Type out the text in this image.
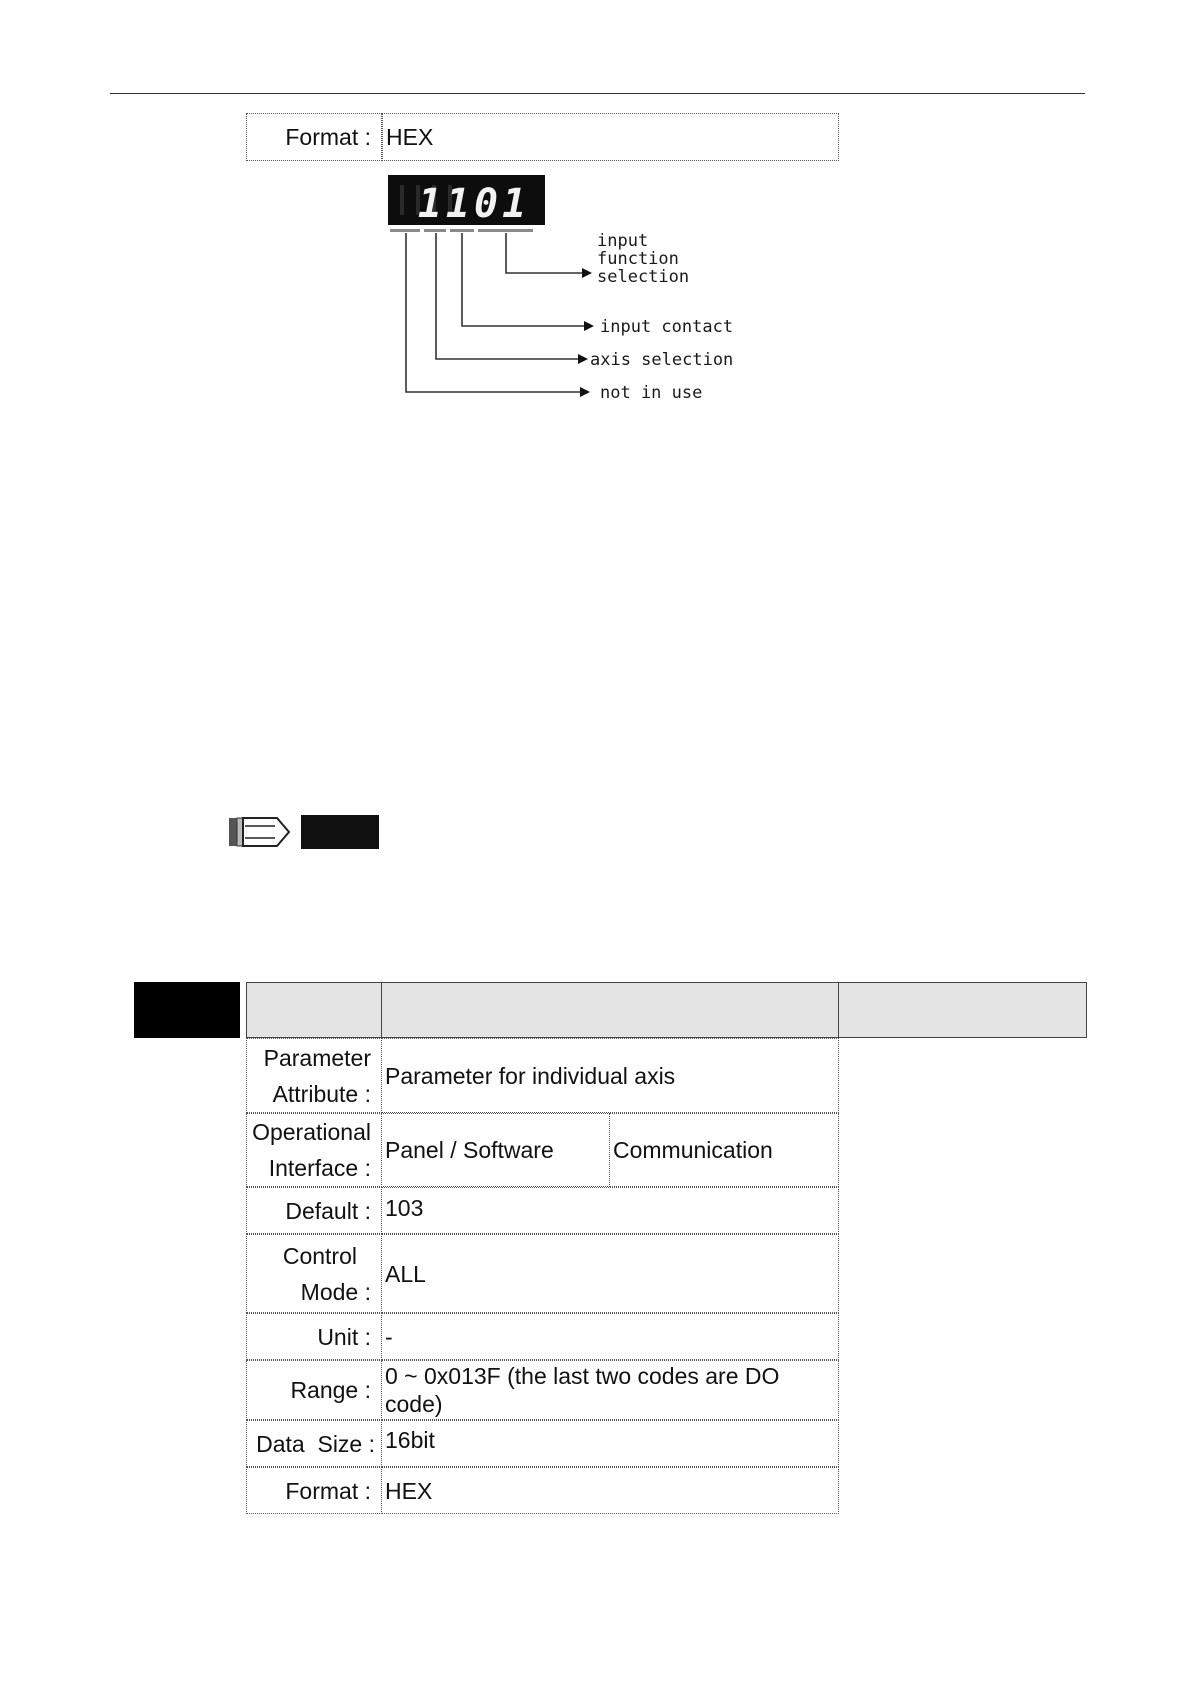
Format : HEX
1101
input
function
selection
input contact
axis selection
not in use
Parameter
Attribute :
Parameter for individual axis
Operational
Interface :
Panel / Software	Communication
Default : 103
Control
Mode :
ALL
Unit : -
Range :
0 ~ 0x013F (the last two codes are DO
code)
Data  Size : 16bit
Format : HEX
